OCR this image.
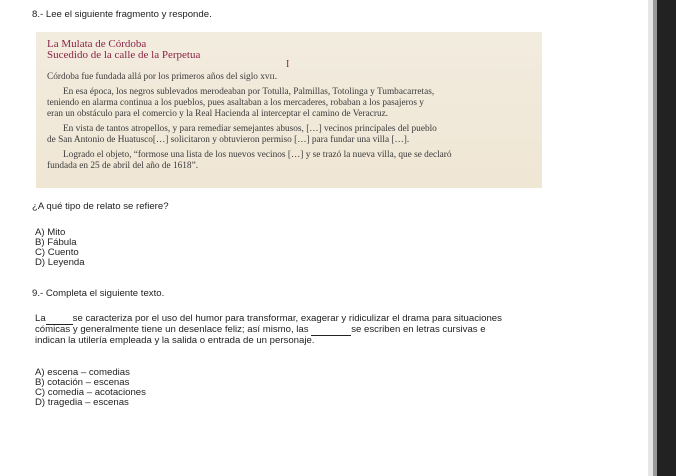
8.- Lee el siguiente fragmento y responde.
La Mulata de Córdoba
Sucedido de la calle de la Perpetua
I
Córdoba fue fundada allá por los primeros años del siglo xvɪɪ.
En esa época, los negros sublevados merodeaban por Totulla, Palmillas, Totolinga y Tumbacarretas,
teniendo en alarma continua a los pueblos, pues asaltaban a los mercaderes, robaban a los pasajeros y
eran un obstáculo para el comercio y la Real Hacienda al interceptar el camino de Veracruz.
En vista de tantos atropellos, y para remediar semejantes abusos, […] vecinos principales del pueblo
de San Antonio de Huatusco[…] solicitaron y obtuvieron permiso […] para fundar una villa […].
Logrado el objeto, “formose una lista de los nuevos vecinos […] y se trazó la nueva villa, que se declaró
fundada en 25 de abril del año de 1618”.
¿A qué tipo de relato se refiere?
A) Mito
B) Fábula
C) Cuento
D) Leyenda
9.- Completa el siguiente texto.
La	se caracteriza por el uso del humor para transformar, exagerar y ridiculizar el drama para situaciones
cómicas y generalmente tiene un desenlace feliz; así mismo, las	se escriben en letras cursivas e
indican la utilería empleada y la salida o entrada de un personaje.
A) escena – comedias
B) cotación – escenas
C) comedia – acotaciones
D) tragedia – escenas
